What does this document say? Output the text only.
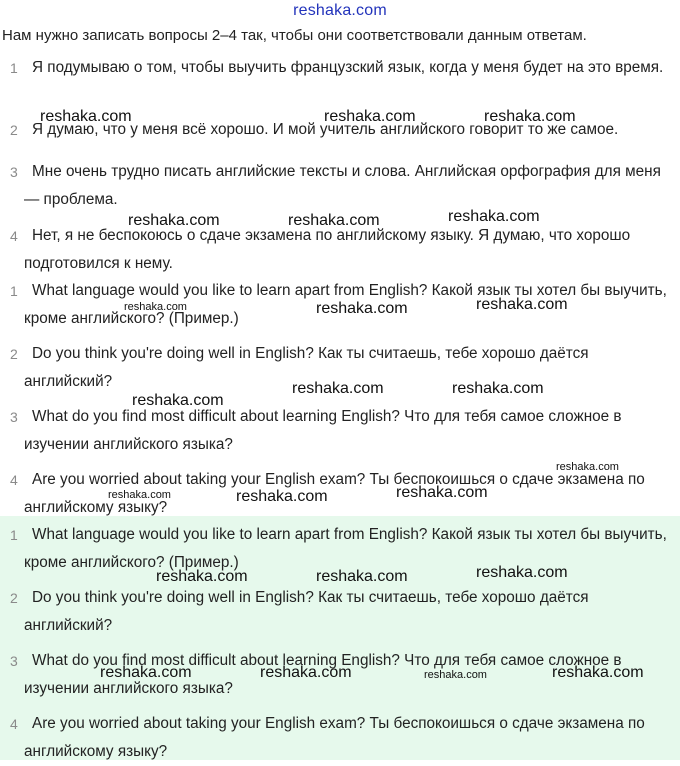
reshaka.com
Нам нужно записать вопросы 2–4 так, чтобы они соответствовали данным ответам.
1 Я подумываю о том, чтобы выучить французский язык, когда у меня будет на это время.
2 Я думаю, что у меня всё хорошо. И мой учитель английского говорит то же самое.
3 Мне очень трудно писать английские тексты и слова. Английская орфография для меня — проблема.
4 Нет, я не беспокоюсь о сдаче экзамена по английскому языку. Я думаю, что хорошо подготовился к нему.
1 What language would you like to learn apart from English? Какой язык ты хотел бы выучить, кроме английского? (Пример.)
2 Do you think you're doing well in English? Как ты считаешь, тебе хорошо даётся английский?
3 What do you find most difficult about learning English? Что для тебя самое сложное в изучении английского языка?
4 Are you worried about taking your English exam? Ты беспокоишься о сдаче экзамена по английскому языку?
1 What language would you like to learn apart from English? Какой язык ты хотел бы выучить, кроме английского? (Пример.)
2 Do you think you're doing well in English? Как ты считаешь, тебе хорошо даётся английский?
3 What do you find most difficult about learning English? Что для тебя самое сложное в изучении английского языка?
4 Are you worried about taking your English exam? Ты беспокоишься о сдаче экзамена по английскому языку?
reshaka.com	reshaka.com	reshaka.com
reshaka.com	reshaka.com	reshaka.com
reshaka.com	reshaka.com	reshaka.com
reshaka.com
reshaka.com	reshaka.com
reshaka.com
reshaka.com	reshaka.com	reshaka.com
reshaka.com	reshaka.com	reshaka.com
reshaka.com	reshaka.com	reshaka.com	reshaka.com
